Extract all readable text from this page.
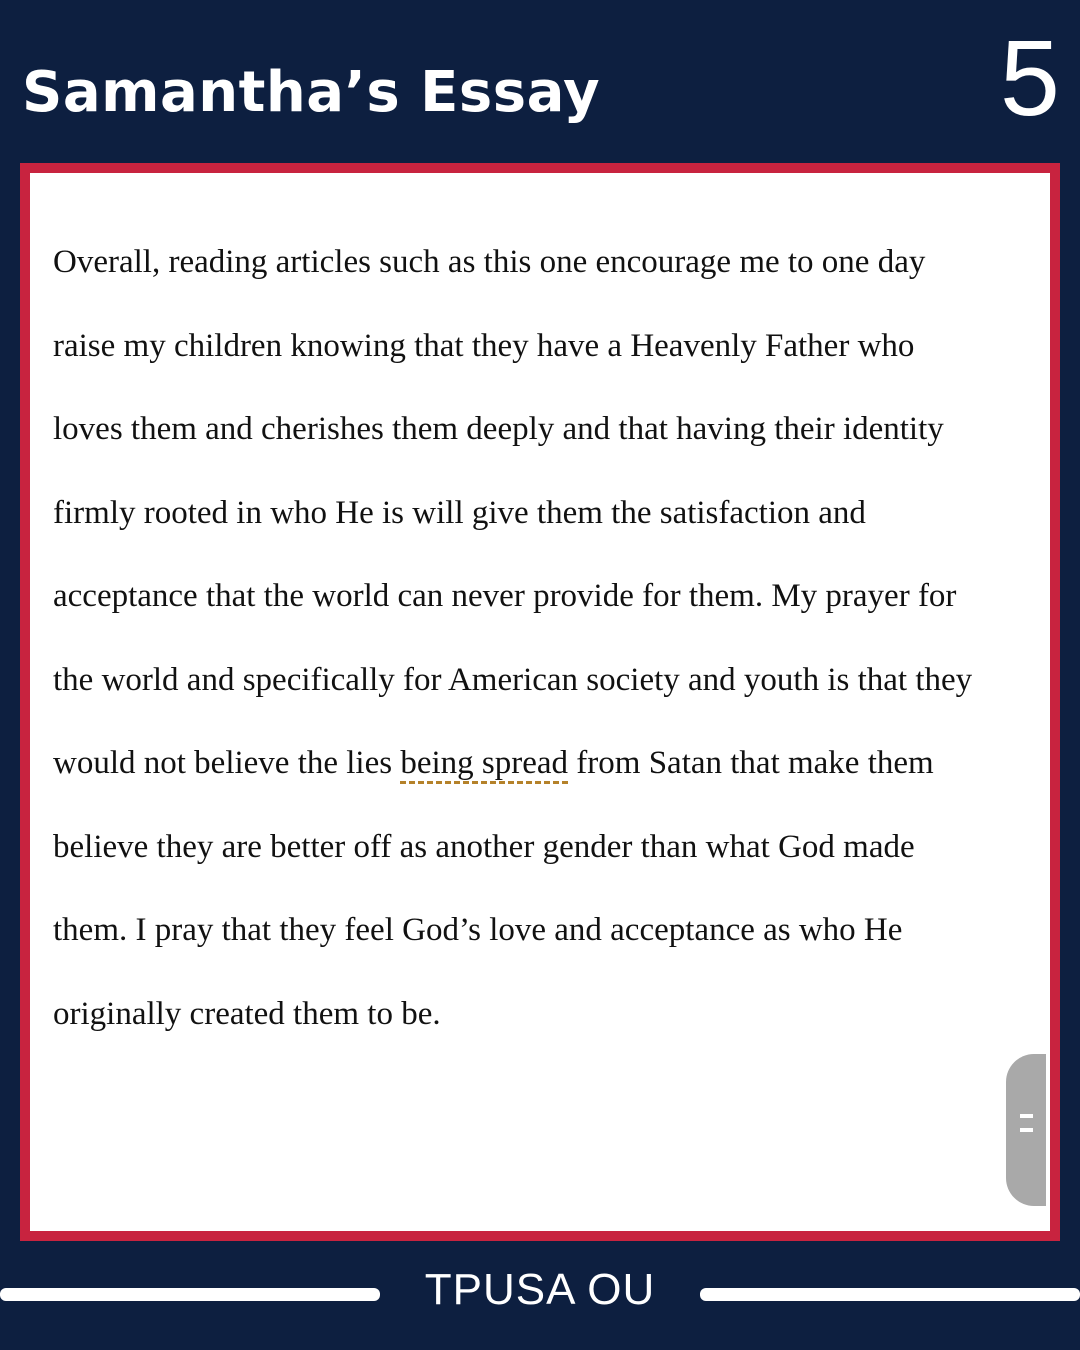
Samantha’s Essay	5

Overall, reading articles such as this one encourage me to one day
raise my children knowing that they have a Heavenly Father who
loves them and cherishes them deeply and that having their identity
firmly rooted in who He is will give them the satisfaction and
acceptance that the world can never provide for them. My prayer for
the world and specifically for American society and youth is that they
would not believe the lies being spread from Satan that make them
believe they are better off as another gender than what God made
them. I pray that they feel God’s love and acceptance as who He
originally created them to be.

TPUSA OU
